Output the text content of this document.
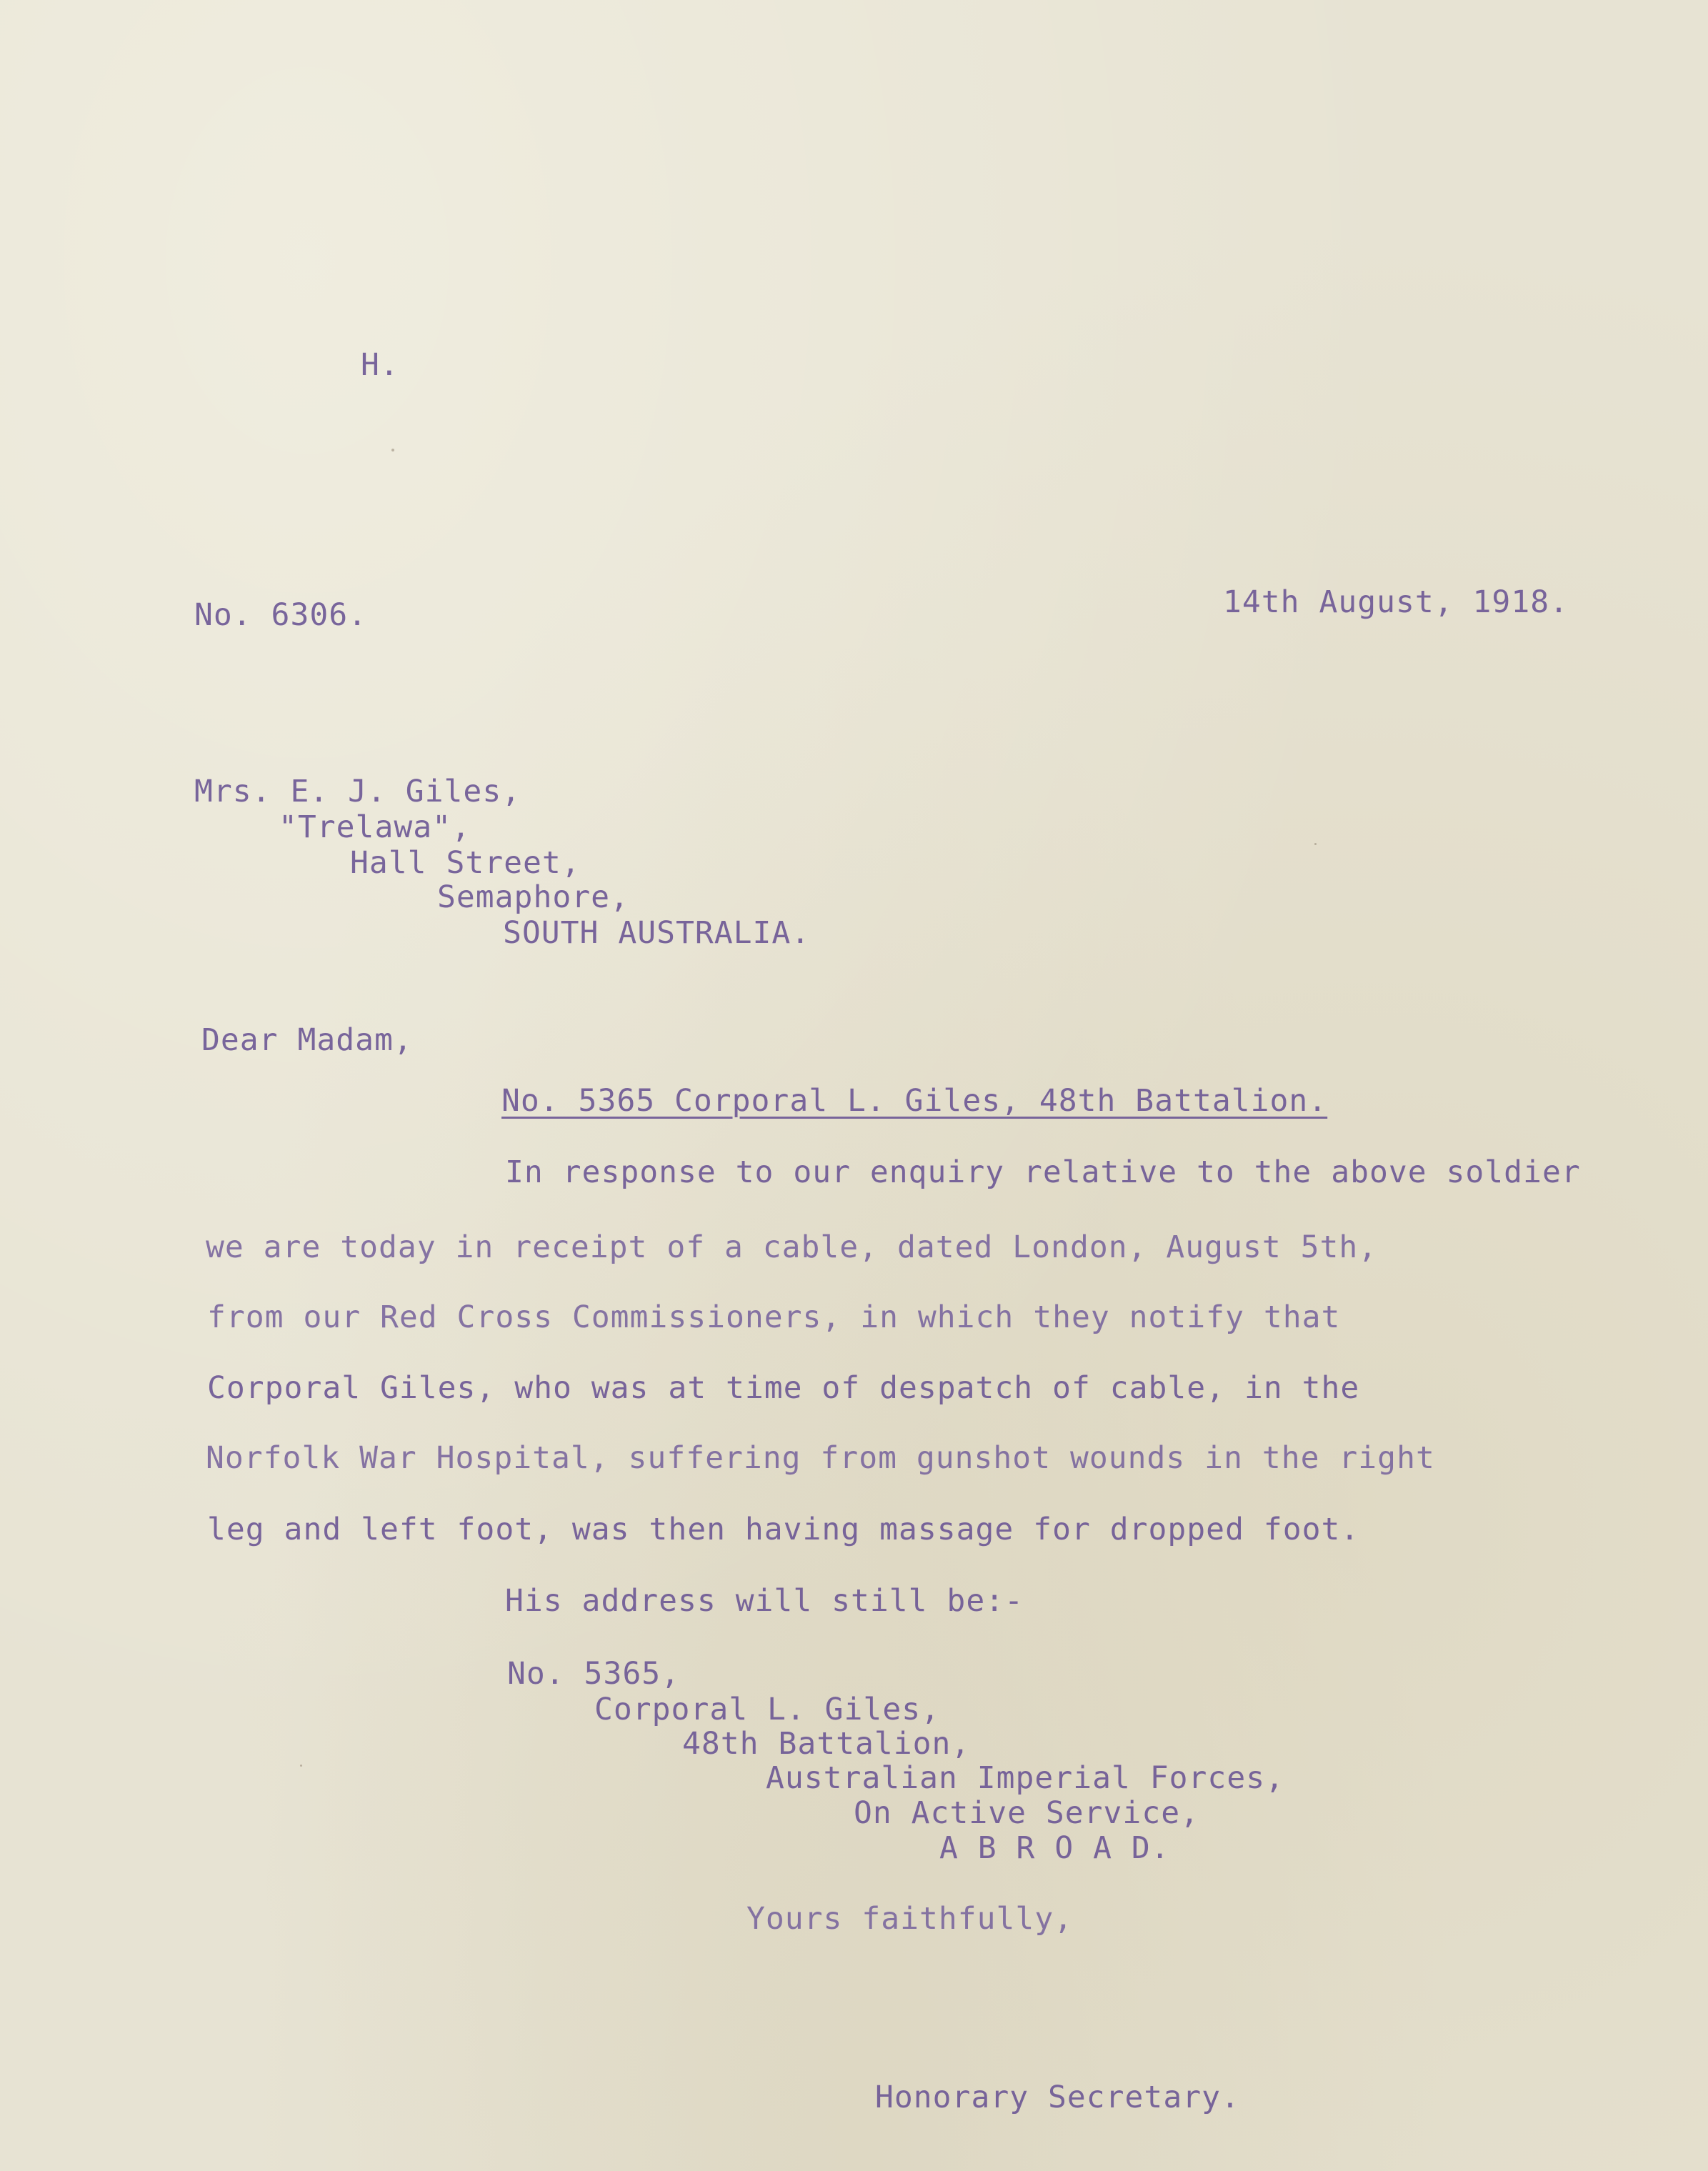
H.
No. 6306.	14th August, 1918.
Mrs. E. J. Giles,
"Trelawa",
Hall Street,
Semaphore,
SOUTH AUSTRALIA.
Dear Madam,
No. 5365 Corporal L. Giles, 48th Battalion.
In response to our enquiry relative to the above soldier
we are today in receipt of a cable, dated London, August 5th,
from our Red Cross Commissioners, in which they notify that
Corporal Giles, who was at time of despatch of cable, in the
Norfolk War Hospital, suffering from gunshot wounds in the right
leg and left foot, was then having massage for dropped foot.
His address will still be:-
No. 5365,
Corporal L. Giles,
48th Battalion,
Australian Imperial Forces,
On Active Service,
A B R O A D.
Yours faithfully,
Honorary Secretary.
